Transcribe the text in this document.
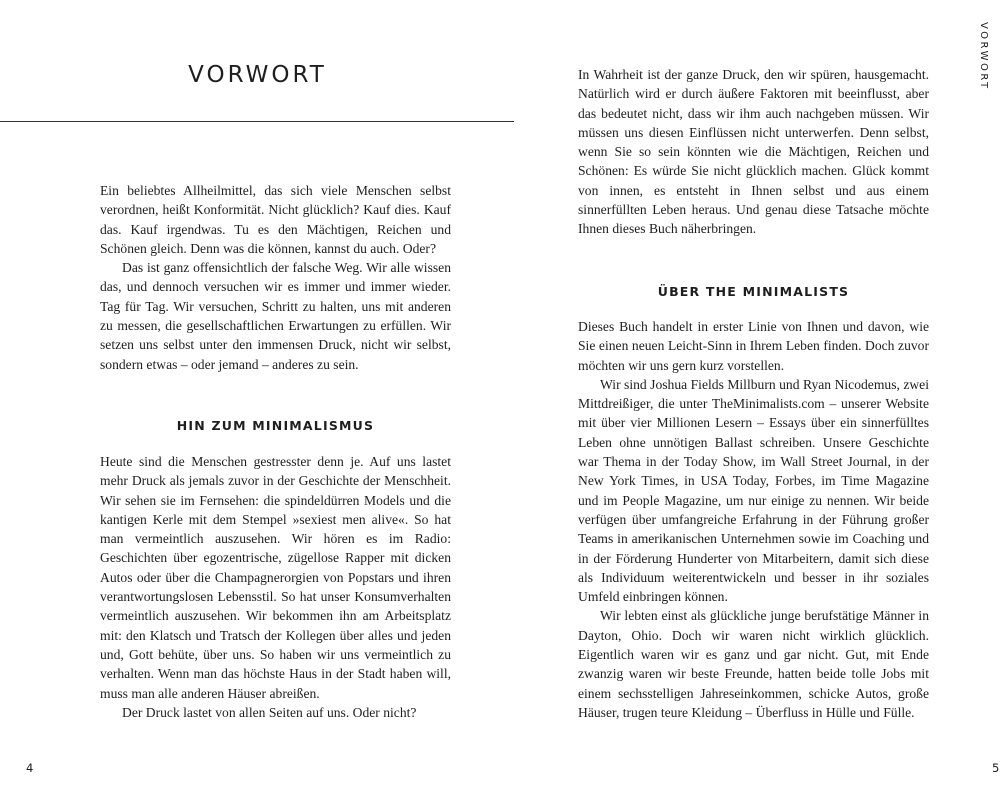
VORWORT

Ein beliebtes Allheilmittel, das sich viele Menschen selbst verordnen, heißt Konformität. Nicht glücklich? Kauf dies. Kauf das. Kauf irgendwas. Tu es den Mächtigen, Reichen und Schönen gleich. Denn was die können, kannst du auch. Oder?

Das ist ganz offensichtlich der falsche Weg. Wir alle wissen das, und dennoch versuchen wir es immer und immer wieder. Tag für Tag. Wir versuchen, Schritt zu halten, uns mit anderen zu messen, die gesellschaftlichen Erwartungen zu erfüllen. Wir setzen uns selbst unter den immensen Druck, nicht wir selbst, sondern etwas – oder jemand – anderes zu sein.

HIN ZUM MINIMALISMUS

Heute sind die Menschen gestresster denn je. Auf uns lastet mehr Druck als jemals zuvor in der Geschichte der Menschheit. Wir sehen sie im Fernsehen: die spindeldürren Models und die kantigen Kerle mit dem Stempel »sexiest men alive«. So hat man vermeintlich auszusehen. Wir hören es im Radio: Geschichten über egozentrische, zügellose Rapper mit dicken Autos oder über die Champagnerorgien von Popstars und ihren verantwortungslosen Lebensstil. So hat unser Konsumverhalten vermeintlich auszusehen. Wir bekommen ihn am Arbeitsplatz mit: den Klatsch und Tratsch der Kollegen über alles und jeden und, Gott behüte, über uns. So haben wir uns vermeintlich zu verhalten. Wenn man das höchste Haus in der Stadt haben will, muss man alle anderen Häuser abreißen.

Der Druck lastet von allen Seiten auf uns. Oder nicht?

4

VORWORT

In Wahrheit ist der ganze Druck, den wir spüren, hausgemacht. Natürlich wird er durch äußere Faktoren mit beeinflusst, aber das bedeutet nicht, dass wir ihm auch nachgeben müssen. Wir müssen uns diesen Einflüssen nicht unterwerfen. Denn selbst, wenn Sie so sein könnten wie die Mächtigen, Reichen und Schönen: Es würde Sie nicht glücklich machen. Glück kommt von innen, es entsteht in Ihnen selbst und aus einem sinnerfüllten Leben heraus. Und genau diese Tatsache möchte Ihnen dieses Buch näherbringen.

ÜBER THE MINIMALISTS

Dieses Buch handelt in erster Linie von Ihnen und davon, wie Sie einen neuen Leicht-Sinn in Ihrem Leben finden. Doch zuvor möchten wir uns gern kurz vorstellen.

Wir sind Joshua Fields Millburn und Ryan Nicodemus, zwei Mittdreißiger, die unter TheMinimalists.com – unserer Website mit über vier Millionen Lesern – Essays über ein sinnerfülltes Leben ohne unnötigen Ballast schreiben. Unsere Geschichte war Thema in der Today Show, im Wall Street Journal, in der New York Times, in USA Today, Forbes, im Time Magazine und im People Magazine, um nur einige zu nennen. Wir beide verfügen über umfangreiche Erfahrung in der Führung großer Teams in amerikanischen Unternehmen sowie im Coaching und in der Förderung Hunderter von Mitarbeitern, damit sich diese als Individuum weiterentwickeln und besser in ihr soziales Umfeld einbringen können.

Wir lebten einst als glückliche junge berufstätige Männer in Dayton, Ohio. Doch wir waren nicht wirklich glücklich. Eigentlich waren wir es ganz und gar nicht. Gut, mit Ende zwanzig waren wir beste Freunde, hatten beide tolle Jobs mit einem sechsstelligen Jahreseinkommen, schicke Autos, große Häuser, trugen teure Kleidung – Überfluss in Hülle und Fülle.

5
